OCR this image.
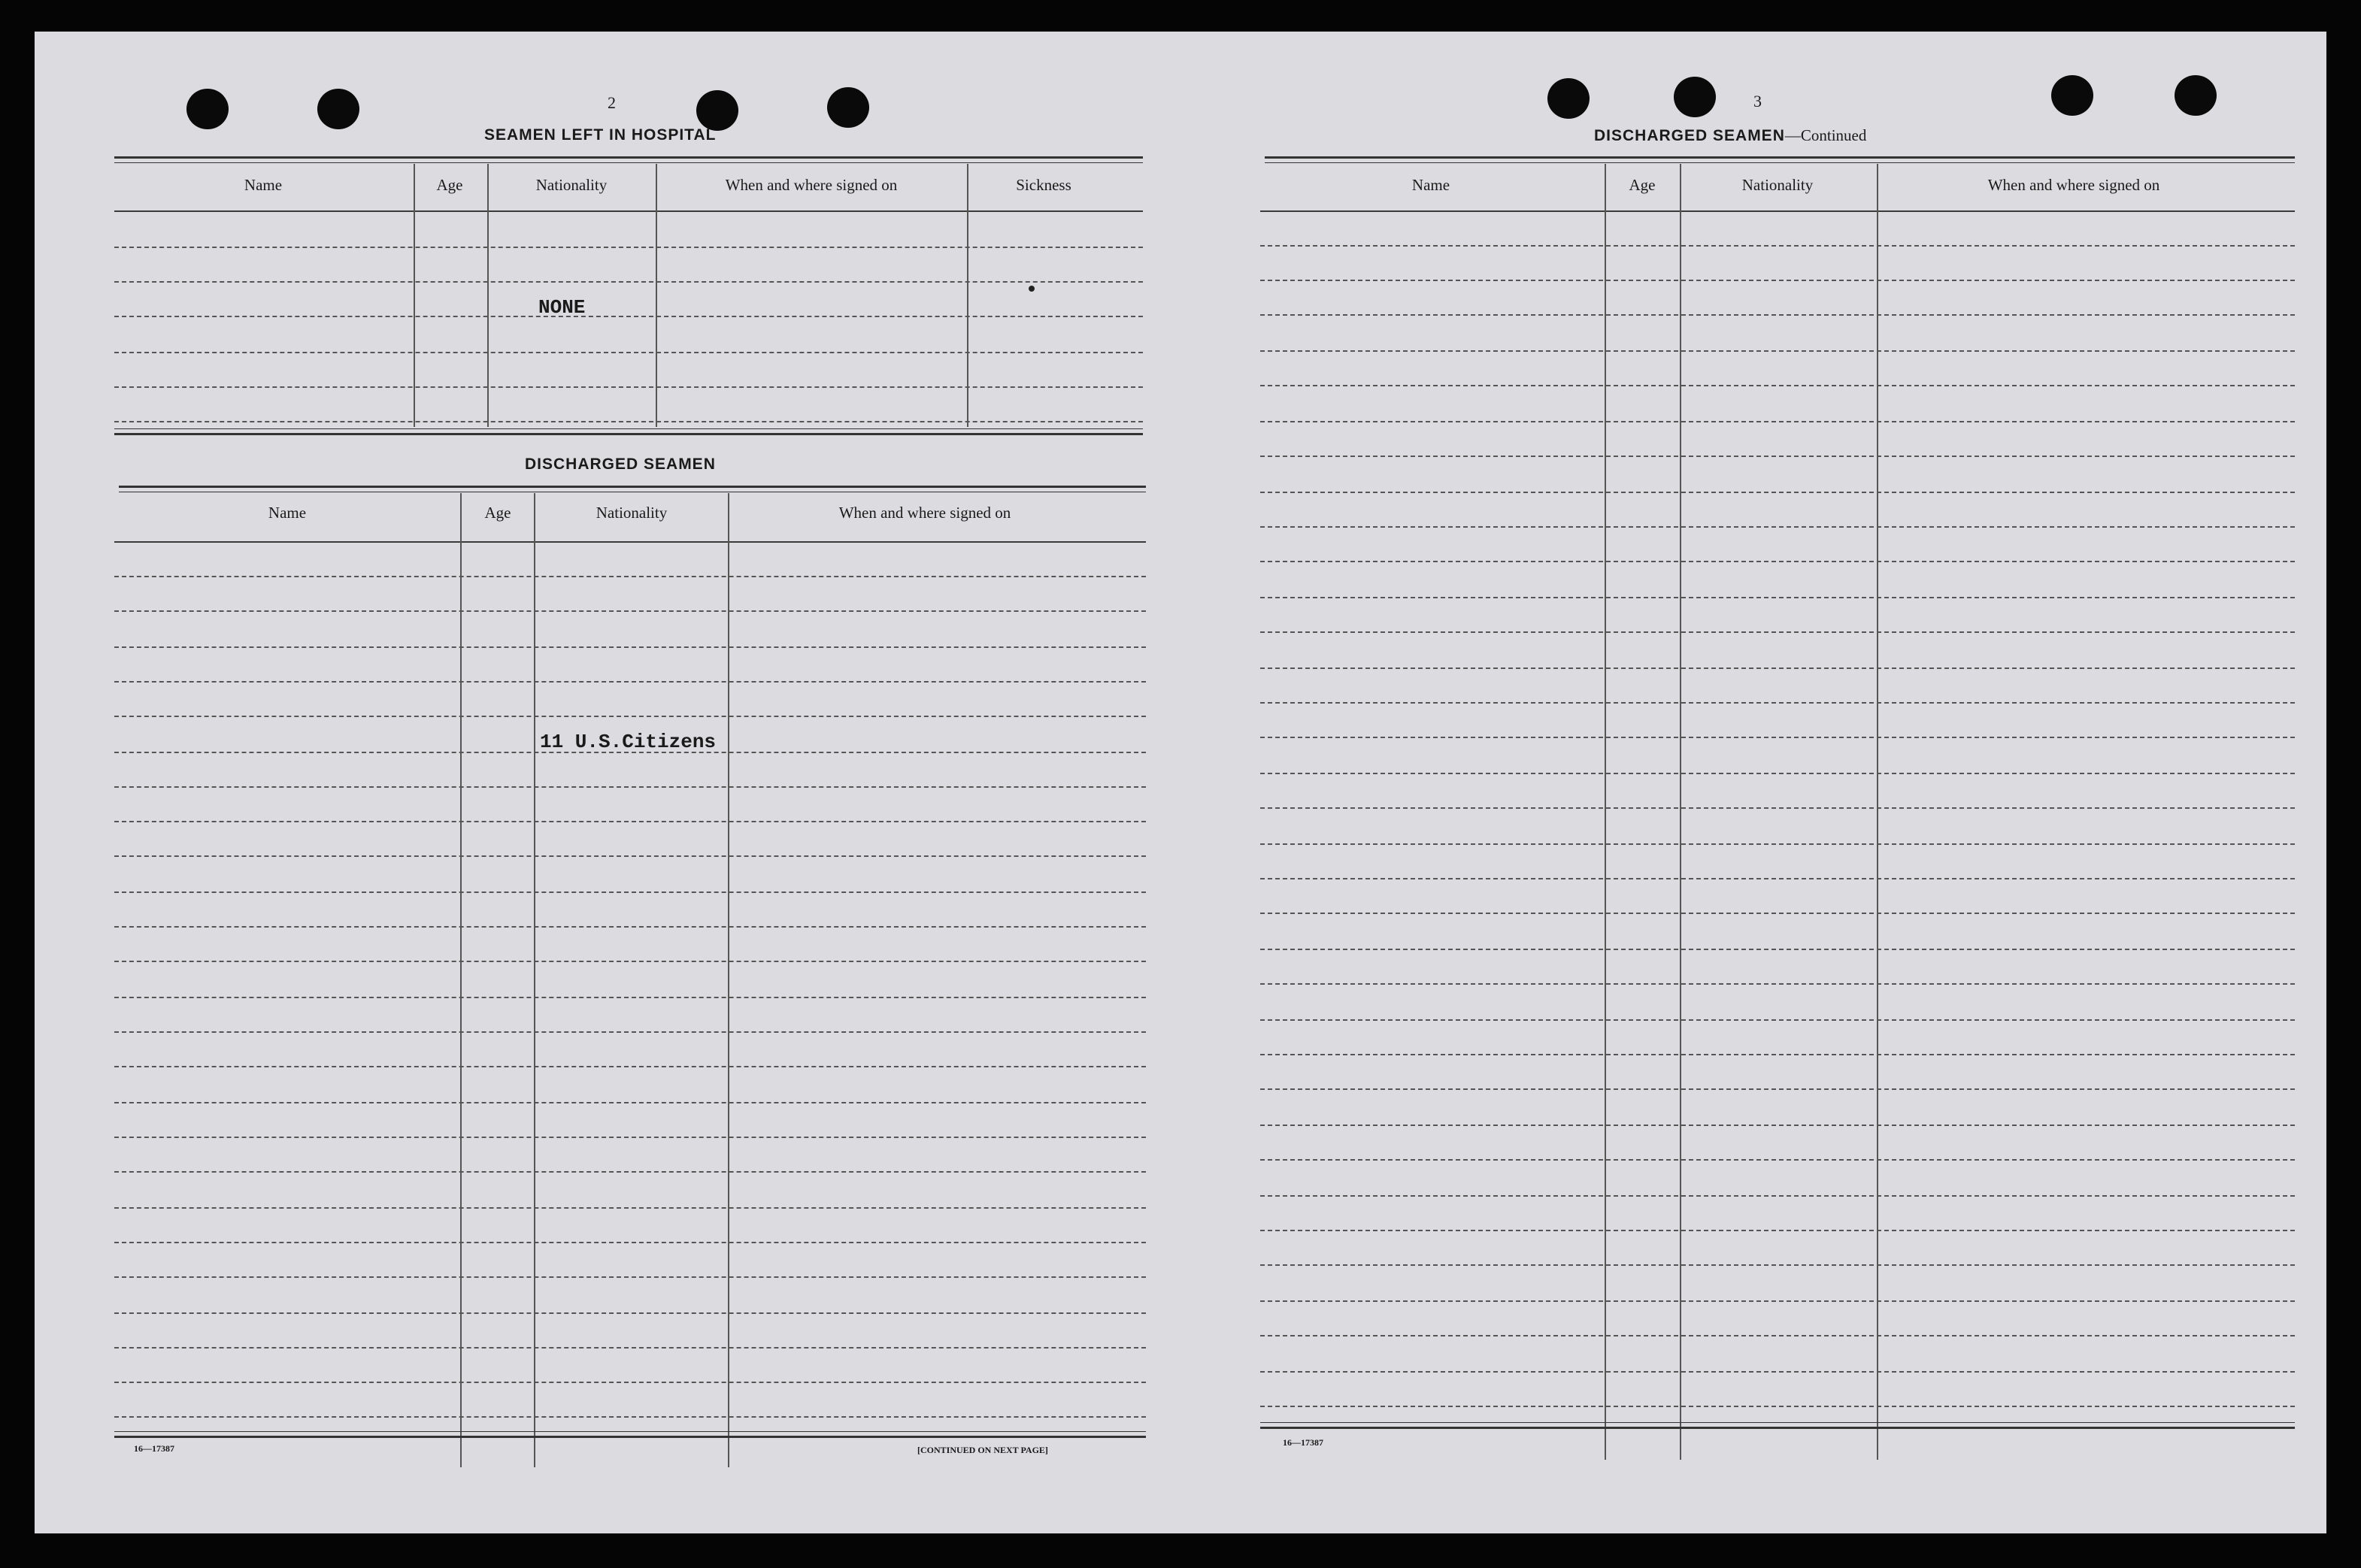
2
SEAMEN LEFT IN HOSPITAL
Name	Age	Nationality	When and where signed on	Sickness
NONE
DISCHARGED SEAMEN
Name	Age	Nationality	When and where signed on
11 U.S.Citizens
16—17387	[CONTINUED ON NEXT PAGE]
3
DISCHARGED SEAMEN—Continued
Name	Age	Nationality	When and where signed on
16—17387
